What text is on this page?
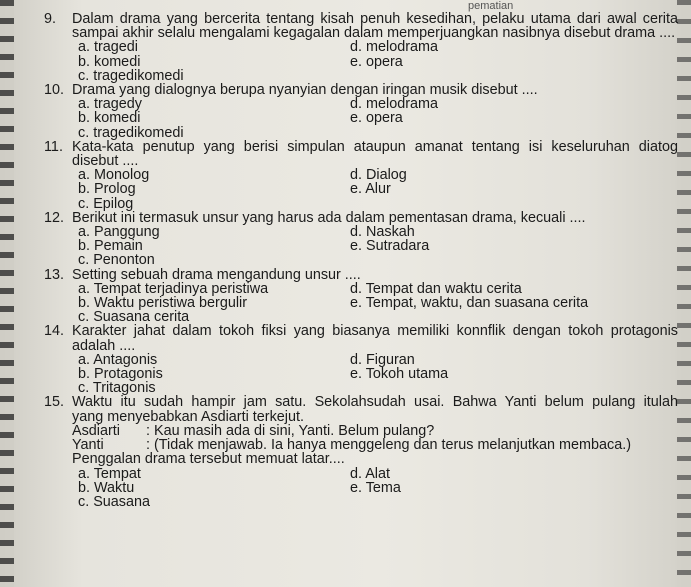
pematian
9.	Dalam drama yang bercerita tentang kisah penuh kesedihan, pelaku utama dari awal cerita
sampai akhir selalu mengalami kegagalan dalam memperjuangkan nasibnya disebut drama ....
a. tragedi	d. melodrama
b. komedi	e. opera
c. tragedikomedi
10. Drama yang dialognya berupa nyanyian dengan iringan musik disebut ....
a. tragedy	d. melodrama
b. komedi	e. opera
c. tragedikomedi
11. Kata-kata penutup yang berisi simpulan ataupun amanat tentang isi keseluruhan diatog
disebut ....
a. Monolog	d. Dialog
b. Prolog	e. Alur
c. Epilog
12. Berikut ini termasuk unsur yang harus ada dalam pementasan drama, kecuali ....
a. Panggung	d. Naskah
b. Pemain	e. Sutradara
c. Penonton
13. Setting sebuah drama mengandung unsur ....
a. Tempat terjadinya peristiwa	d. Tempat dan waktu cerita
b. Waktu peristiwa bergulir	e. Tempat, waktu, dan suasana cerita
c. Suasana cerita
14. Karakter jahat dalam tokoh fiksi yang biasanya memiliki konnflik dengan tokoh protagonis
adalah ....
a. Antagonis	d. Figuran
b. Protagonis	e. Tokoh utama
c. Tritagonis
15. Waktu itu sudah hampir jam satu. Sekolahsudah usai. Bahwa Yanti belum pulang itulah
yang menyebabkan Asdiarti terkejut.
Asdiarti	: Kau masih ada di sini, Yanti. Belum pulang?
Yanti	: (Tidak menjawab. Ia hanya menggeleng dan terus melanjutkan membaca.)
Penggalan drama tersebut memuat latar....
a. Tempat	d. Alat
b. Waktu	e. Tema
c. Suasana
